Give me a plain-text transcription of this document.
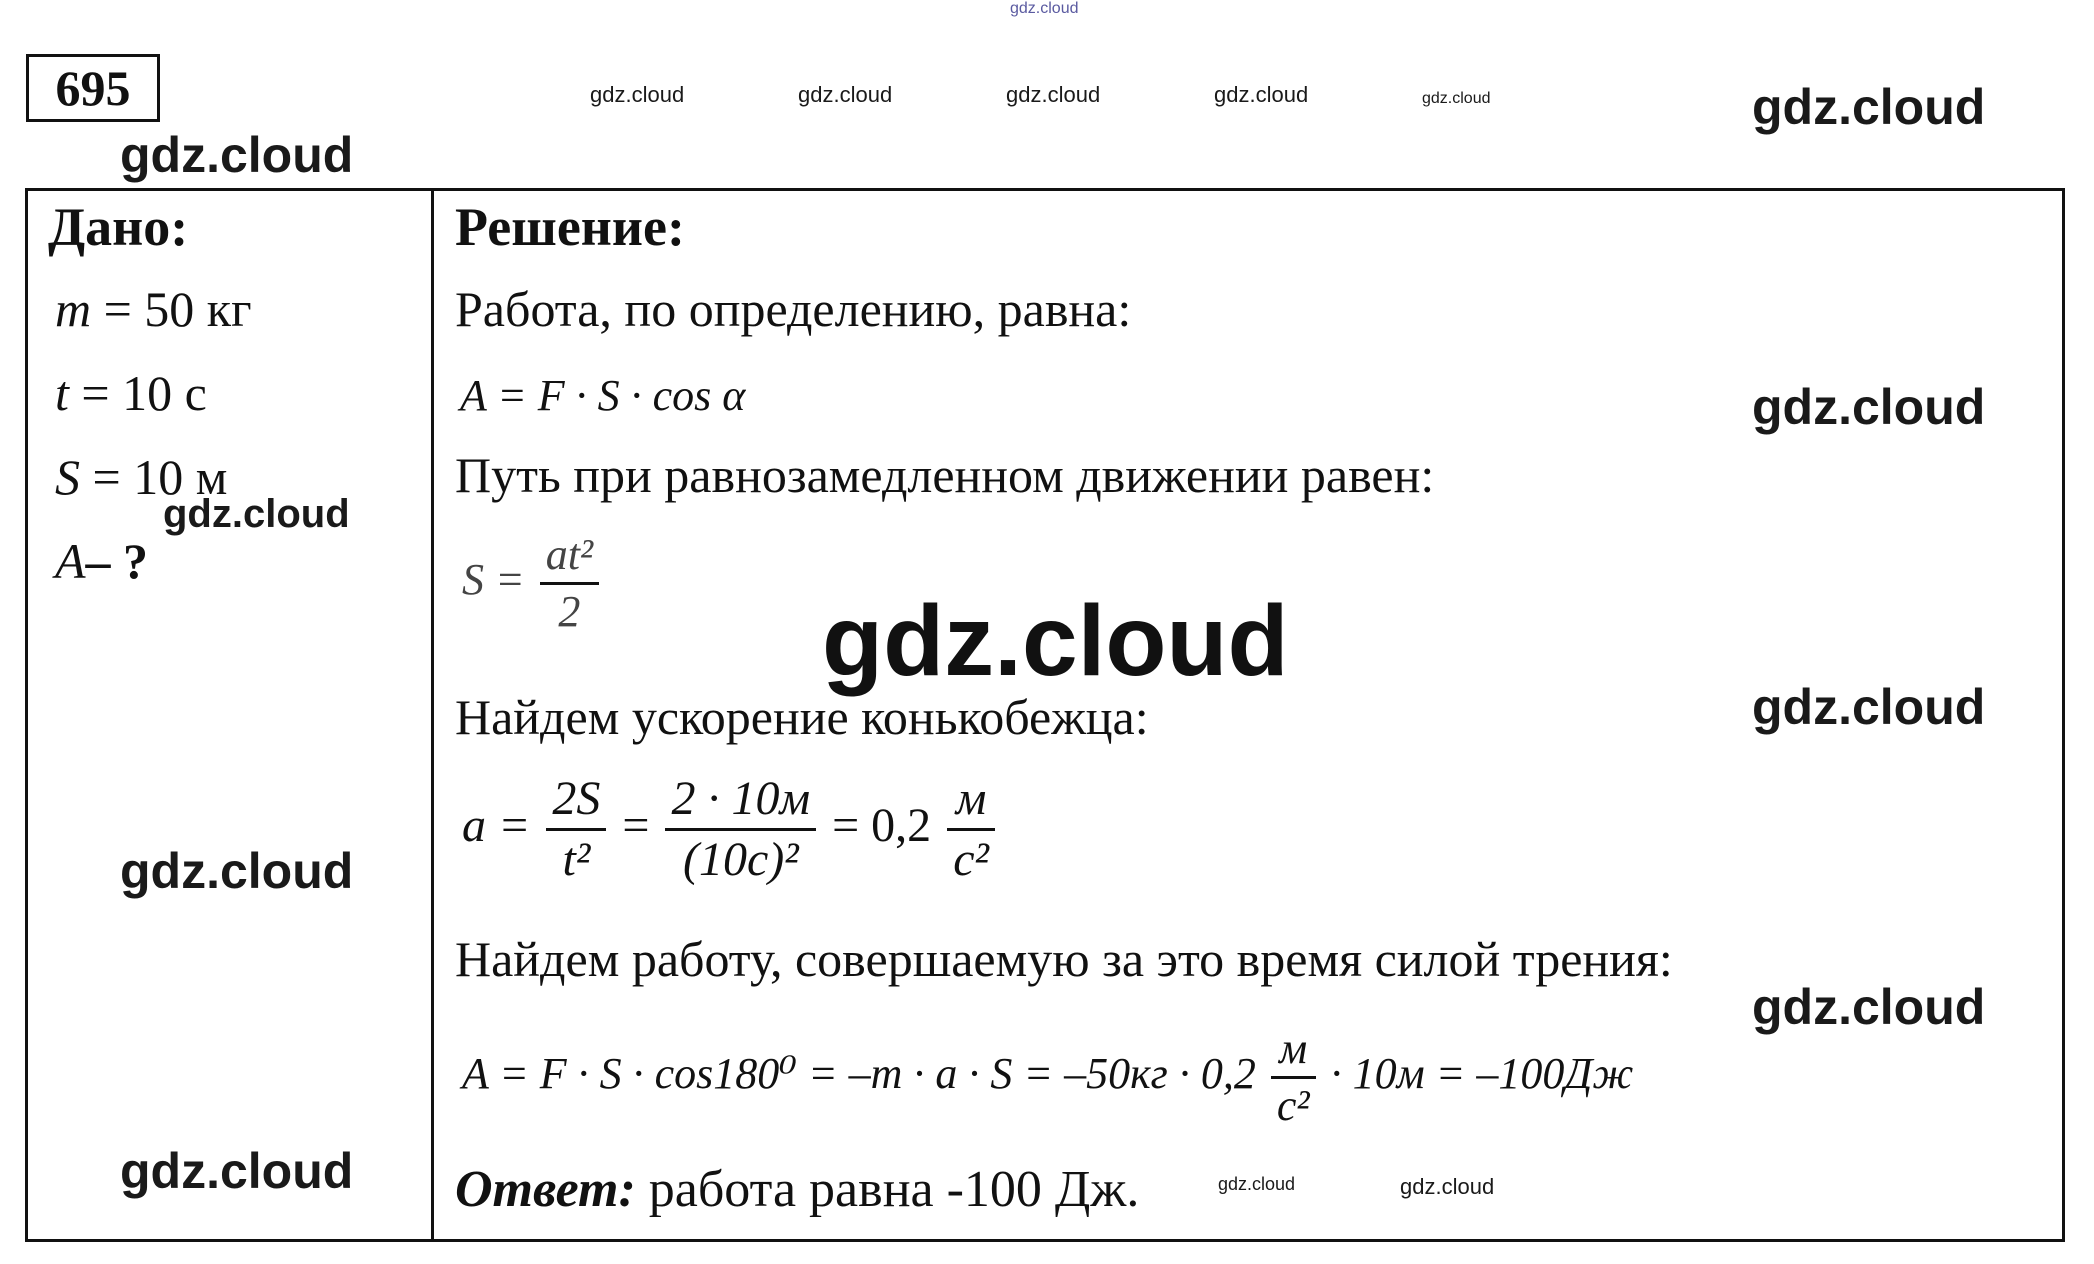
gdz.cloud
695	gdz.cloud	gdz.cloud	gdz.cloud	gdz.cloud	gdz.cloud	gdz.cloud
gdz.cloud
Дано:
m = 50 кг
t = 10 с
S = 10 м
A– ?
gdz.cloud
gdz.cloud
gdz.cloud
Решение:
Работа, по определению, равна:
A = F · S · cos α	gdz.cloud
Путь при равнозамедленном движении равен:
$S = \frac{\text{at²}}{2}$
gdz.cloud
Найдем ускорение конькобежца:	gdz.cloud
$a = \frac{2S}{\text{t²}} = \frac{2 \cdot 10м}{\text{(10с)²}} = 0,2 \frac{м}{\text{с²}}$
Найдем работу, совершаемую за это время силой трения:
gdz.cloud
$A = F \cdot S \cdot \cos 180^0 = -m \cdot a \cdot S = -50кг \cdot 0,2 \frac{м}{\text{с²}} \cdot 10м = -100Дж$
Ответ: работа равна -100 Дж.	gdz.cloud	gdz.cloud
